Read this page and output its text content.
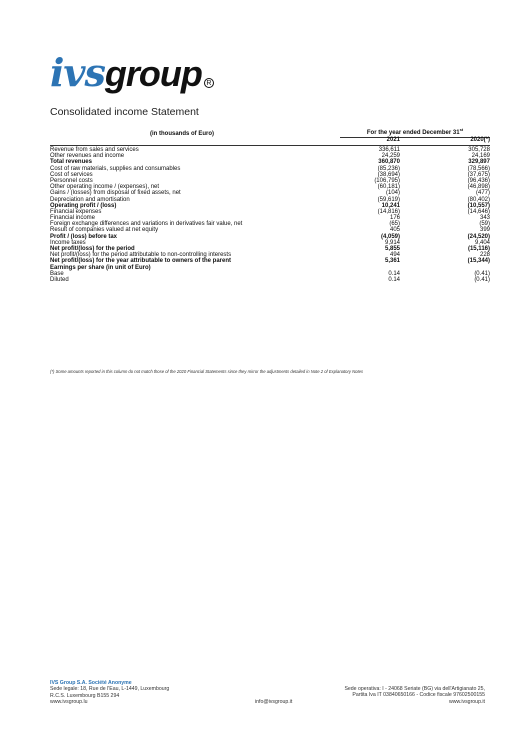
ivs group R
Consolidated income Statement
(in thousands of Euro)	For the year ended December 31st
2021	2020(*)
Revenue from sales and services	336,611	305,728
Other revenues and income	24,259	24,169
Total revenues	360,870	329,897
Cost of raw materials, supplies and consumables	(85,236)	(78,566)
Cost of services	(38,694)	(37,675)
Personnel costs	(106,795)	(96,436)
Other operating income / (expenses), net	(60,181)	(46,898)
Gains / (losses) from disposal of fixed assets, net	(104)	(477)
Depreciation and amortisation	(59,619)	(80,402)
Operating profit / (loss)	10,241	(10,557)
Financial expenses	(14,816)	(14,646)
Financial income	176	343
Foreign exchange differences and variations in derivatives fair value, net	(65)	(59)
Result of companies valued at net equity	405	399
Profit / (loss) before tax	(4,059)	(24,520)
Income taxes	9,914	9,404
Net profit/(loss) for the period	5,855	(15,116)
Net profit/(loss) for the period attributable to non-controlling interests	494	228
Net profit/(loss) for the year attributable to owners of the parent	5,361	(15,344)
Earnings per share (in unit of Euro)
Base	0.14	(0.41)
Diluted	0.14	(0.41)
(*) Some amounts reported in this column do not match those of the 2020 Financial Statements since they mirror the adjustments detailed in Note 2 of Explanatory Notes
IVS Group S.A. Société Anonyme
Sede legale: 18, Rue de l'Eau, L-1449, Luxembourg
R.C.S. Luxembourg B155 294
www.ivsgroup.lu	info@ivsgroup.it
Sede operativa: I - 24068 Seriate (BG) via dell'Artigianato 25,
Partita Iva IT 03840650166 - Codice fiscale 97602500155
www.ivsgroup.it
